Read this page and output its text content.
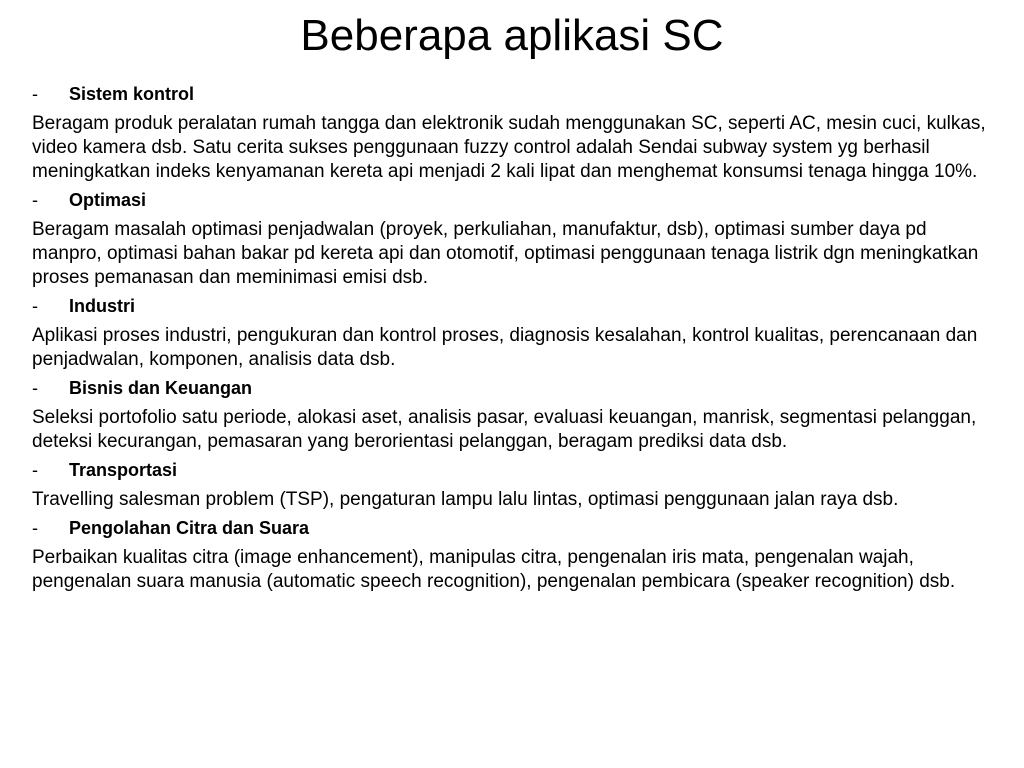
Beberapa aplikasi SC
-	Sistem kontrol

Beragam produk peralatan rumah tangga dan elektronik sudah menggunakan SC, seperti AC, mesin cuci, kulkas, video kamera dsb. Satu cerita sukses penggunaan fuzzy control adalah Sendai subway system yg berhasil meningkatkan indeks kenyamanan kereta api menjadi 2 kali lipat dan menghemat konsumsi tenaga hingga 10%.

-	Optimasi

Beragam masalah optimasi penjadwalan (proyek, perkuliahan, manufaktur, dsb), optimasi sumber daya pd manpro, optimasi bahan bakar pd kereta api dan otomotif, optimasi penggunaan tenaga listrik dgn meningkatkan proses pemanasan dan meminimasi emisi dsb.

-	Industri

Aplikasi proses industri, pengukuran dan kontrol proses, diagnosis kesalahan, kontrol kualitas, perencanaan dan penjadwalan, komponen, analisis data dsb.

-	Bisnis dan Keuangan

Seleksi portofolio satu periode, alokasi aset, analisis pasar, evaluasi keuangan, manrisk, segmentasi pelanggan, deteksi kecurangan, pemasaran yang berorientasi pelanggan, beragam prediksi data dsb.

-	Transportasi

Travelling salesman problem (TSP), pengaturan lampu lalu lintas, optimasi penggunaan jalan raya dsb.

-	Pengolahan Citra dan Suara

Perbaikan kualitas citra (image enhancement), manipulas citra, pengenalan iris mata, pengenalan wajah, pengenalan suara manusia (automatic speech recognition), pengenalan pembicara (speaker recognition) dsb.
